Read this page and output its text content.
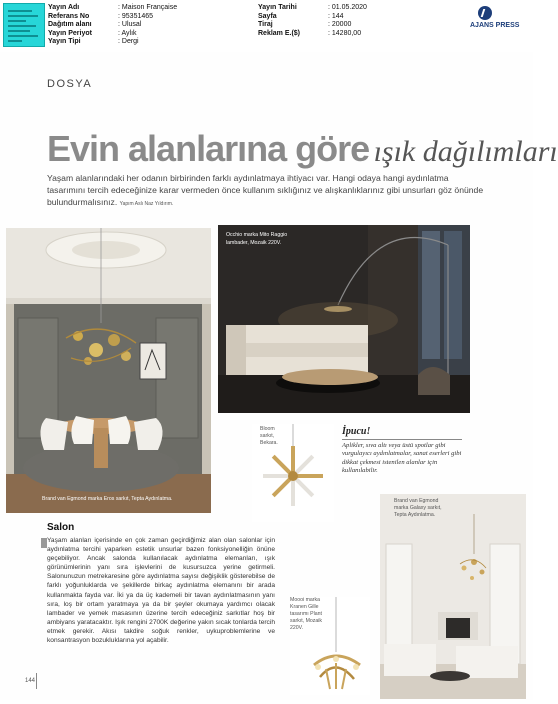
Yayın Adı	: Maison Française
Referans No	: 95351465
Dağıtım alanı	: Ulusal
Yayın Periyot	: Aylık
Yayın Tipi	: Dergi
Yayın Tarihi	: 01.05.2020
Sayfa	: 144
Tiraj	: 20000
Reklam E.($)	: 14280,00
AJANS PRESS
DOSYA
Evin alanlarına göre ışık dağılımları
Yaşam alanlarındaki her odanın birbirinden farklı aydınlatmaya ihtiyacı var. Hangi odaya hangi aydınlatma tasarımını tercih edeceğinize karar vermeden önce kullanım sıklığınız ve alışkanlıklarınız gibi unsurları göz önünde bulundurmalısınız. Yapım Aslı Naz Yıldırım.
Brand van Egmond marka Eros sarkıt, Tepta Aydınlatma.
Occhio marka Mito Raggio
lambader, Mozaik 220V.
Bloom
sarkıt,
Bekara.
İpucu!
Aplikler, sıva altı veya üstü spotlar gibi vurgulayıcı aydınlatmalar, sanat eserleri gibi dikkat çekmesi istenilen alanlar için kullanılabilir.
Brand van Egmond
marka Galaxy sarkıt,
Tepta Aydınlatma.
Moooi marka
Kranen Gille
tasarımı Plant
sarkıt, Mozaik
220V.
Salon
Yaşam alanları içerisinde en çok zaman geçirdiğimiz alan olan salonlar için aydınlatma tercihi yaparken estetik unsurlar bazen fonksiyonelliğin önüne geçebiliyor. Ancak salonda kullanılacak aydınlatma elemanları, ışık görünümlerinin yanı sıra işlevlerini de kusursuzca yerine getirmeli. Salonunuzun metrekaresine göre aydınlatma sayısı değişiklik gösterebilse de farklı yoğunluklarda ve şekillerde birkaç aydınlatma elemanını bir arada kullanmakta fayda var. İki ya da üç kademeli bir tavan aydınlatmasının yanı sıra, loş bir ortam yaratmaya ya da bir şeyler okumaya yardımcı olacak lambader ve yemek masasının üzerine tercih edeceğiniz sarkıtlar hoş bir ambiyans yaratacaktır. Işık rengini 2700K değerine yakın sıcak tonlarda tercih etmek gerekir. Akısı takdire soğuk renkler, uykuproblemlerine ve konsantrasyon bozukluklarına yol açabilir.
144
